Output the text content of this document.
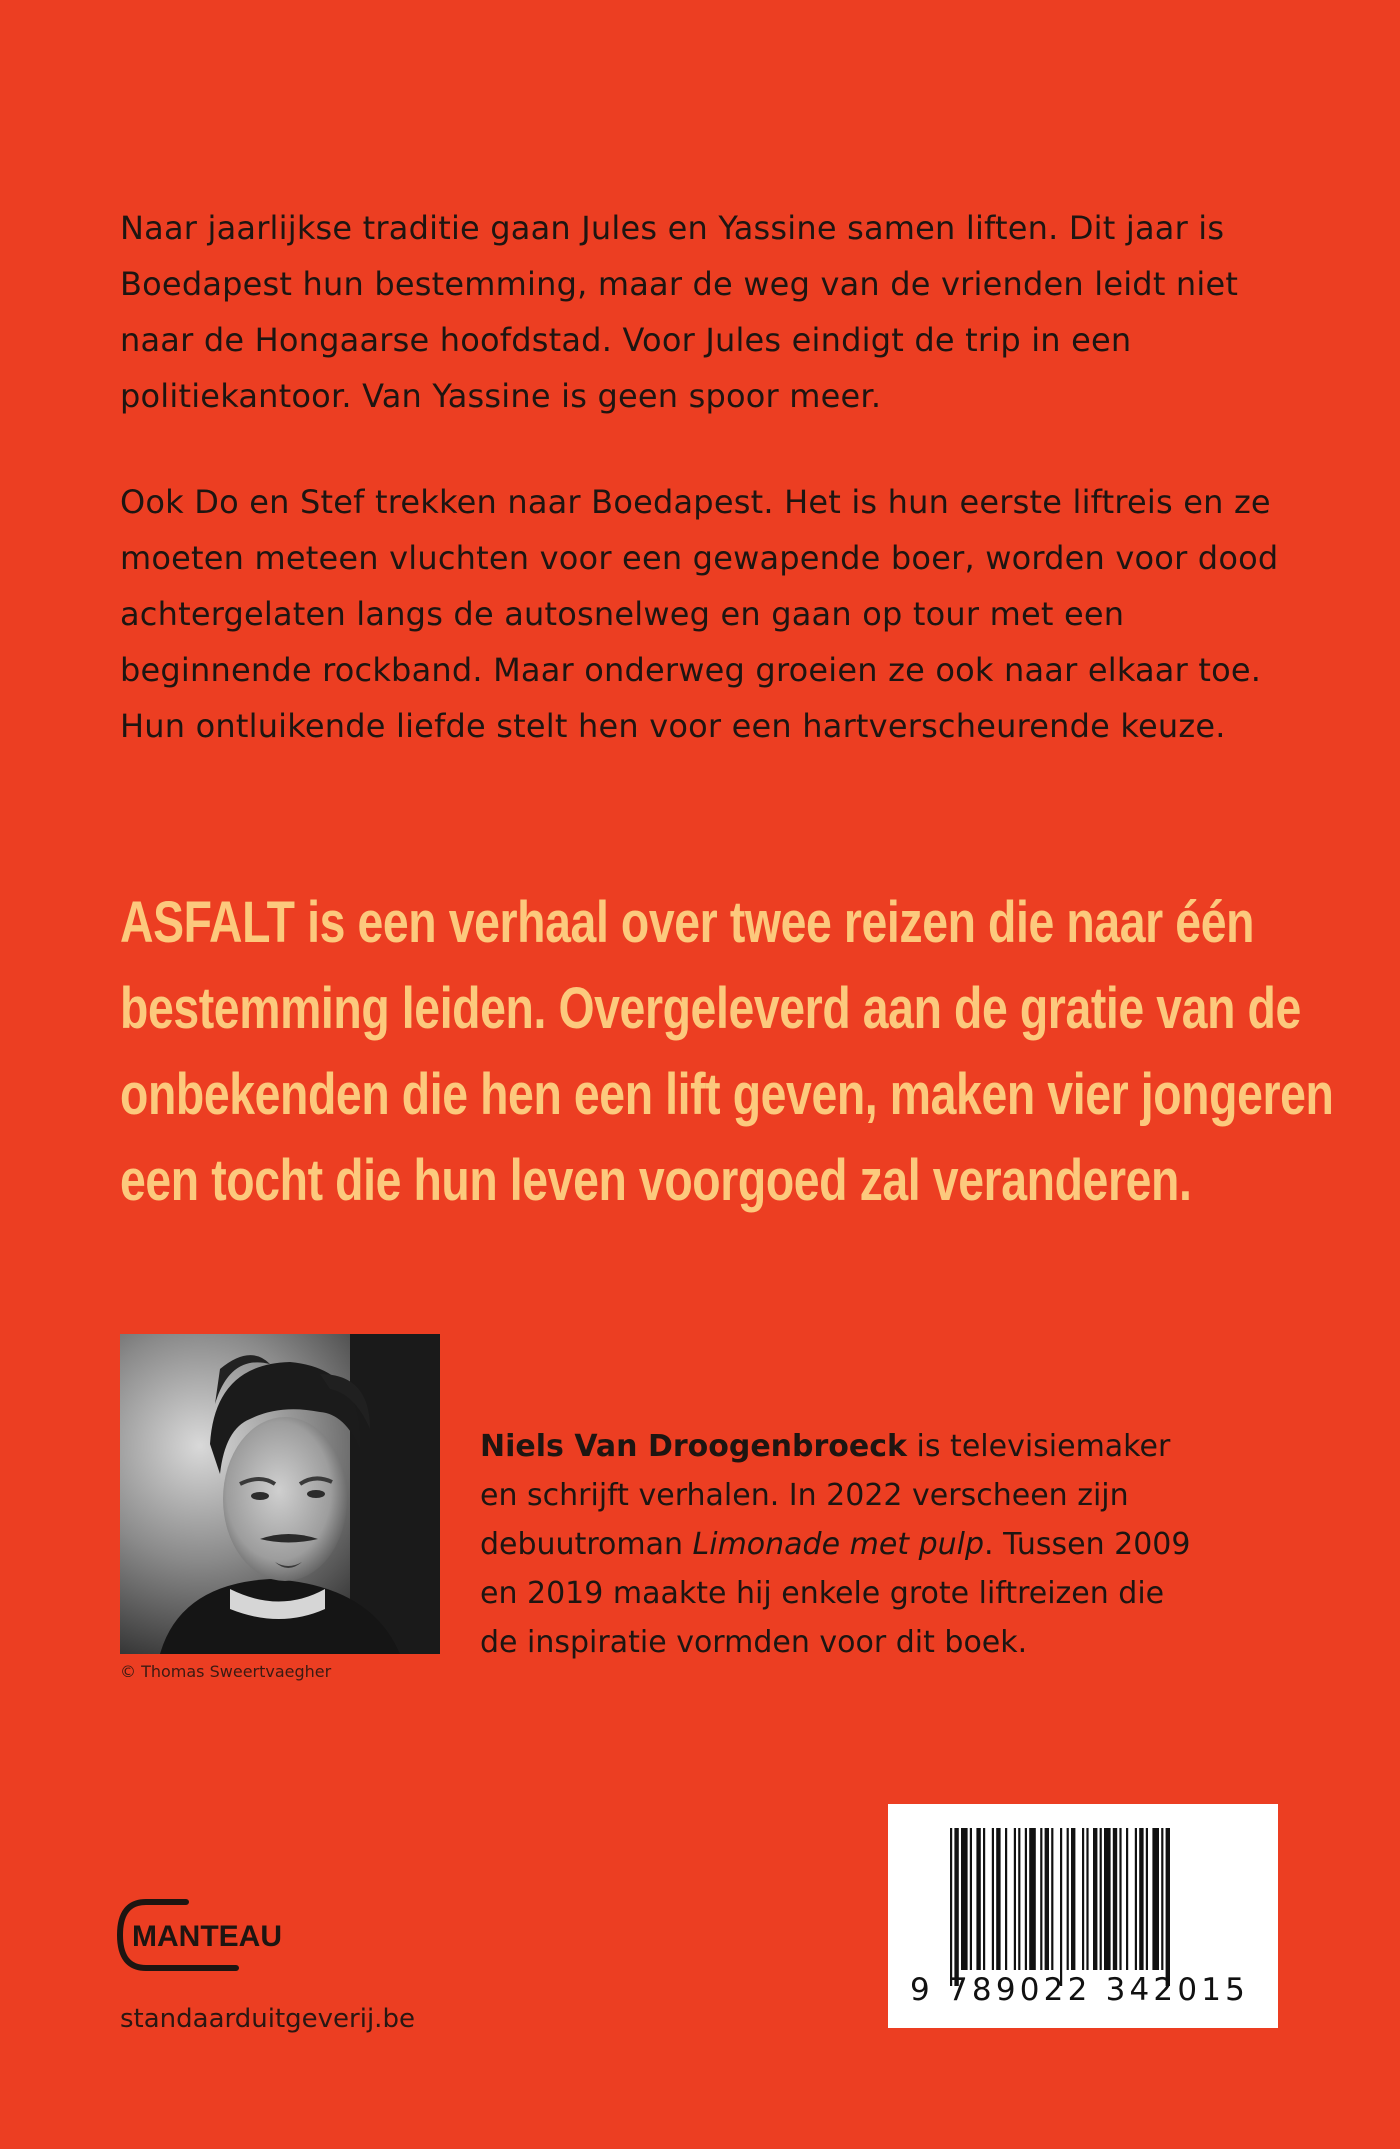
Naar jaarlijkse traditie gaan Jules en Yassine samen liften. Dit jaar is Boedapest hun bestemming, maar de weg van de vrienden leidt niet naar de Hongaarse hoofdstad. Voor Jules eindigt de trip in een politiekantoor. Van Yassine is geen spoor meer.

Ook Do en Stef trekken naar Boedapest. Het is hun eerste liftreis en ze moeten meteen vluchten voor een gewapende boer, worden voor dood achtergelaten langs de autosnelweg en gaan op tour met een beginnende rockband. Maar onderweg groeien ze ook naar elkaar toe. Hun ontluikende liefde stelt hen voor een hartverscheurende keuze.

ASFALT is een verhaal over twee reizen die naar één
bestemming leiden. Overgeleverd aan de gratie van de
onbekenden die hen een lift geven, maken vier jongeren
een tocht die hun leven voorgoed zal veranderen.
© Thomas Sweertvaegher
Niels Van Droogenbroeck is televisiemaker
en schrijft verhalen. In 2022 verscheen zijn
debuutroman Limonade met pulp. Tussen 2009
en 2019 maakte hij enkele grote liftreizen die
de inspiratie vormden voor dit boek.
MANTEAU
standaarduitgeverij.be
9 789022 342015
